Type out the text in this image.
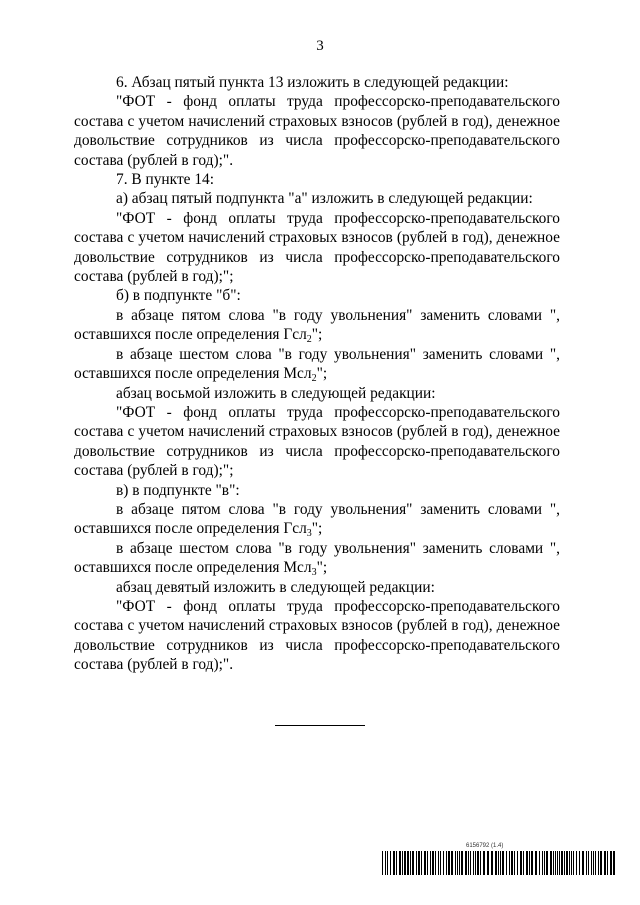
3

6. Абзац пятый пункта 13 изложить в следующей редакции:

"ФОТ - фонд оплаты труда профессорско-преподавательского состава с учетом начислений страховых взносов (рублей в год), денежное довольствие сотрудников из числа профессорско-преподавательского состава (рублей в год);".

7. В пункте 14:

а) абзац пятый подпункта "а" изложить в следующей редакции:

"ФОТ - фонд оплаты труда профессорско-преподавательского состава с учетом начислений страховых взносов (рублей в год), денежное довольствие сотрудников из числа профессорско-преподавательского состава (рублей в год);";

б) в подпункте "б":

в абзаце пятом слова "в году увольнения" заменить словами ", оставшихся после определения Гсл$_2$";

в абзаце шестом слова "в году увольнения" заменить словами ", оставшихся после определения Мсл$_2$";

абзац восьмой изложить в следующей редакции:

"ФОТ - фонд оплаты труда профессорско-преподавательского состава с учетом начислений страховых взносов (рублей в год), денежное довольствие сотрудников из числа профессорско-преподавательского состава (рублей в год);";

в) в подпункте "в":

в абзаце пятом слова "в году увольнения" заменить словами ", оставшихся после определения Гсл$_3$";

в абзаце шестом слова "в году увольнения" заменить словами ", оставшихся после определения Мсл$_3$";

абзац девятый изложить в следующей редакции:

"ФОТ - фонд оплаты труда профессорско-преподавательского состава с учетом начислений страховых взносов (рублей в год), денежное довольствие сотрудников из числа профессорско-преподавательского состава (рублей в год);".

6156792 (1.4)
